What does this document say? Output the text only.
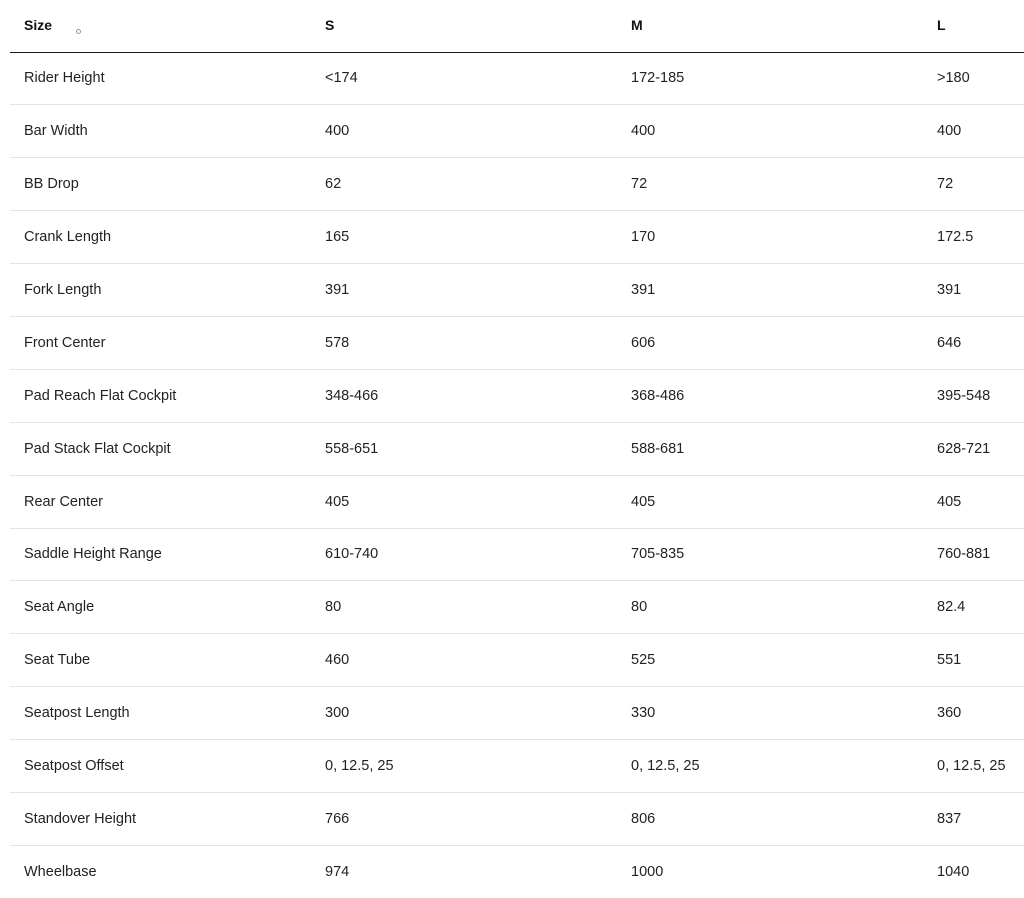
Size	S	M	L
Rider Height	<174	172-185	>180
Bar Width	400	400	400
BB Drop	62	72	72
Crank Length	165	170	172.5
Fork Length	391	391	391
Front Center	578	606	646
Pad Reach Flat Cockpit	348-466	368-486	395-548
Pad Stack Flat Cockpit	558-651	588-681	628-721
Rear Center	405	405	405
Saddle Height Range	610-740	705-835	760-881
Seat Angle	80	80	82.4
Seat Tube	460	525	551
Seatpost Length	300	330	360
Seatpost Offset	0, 12.5, 25	0, 12.5, 25	0, 12.5, 25
Standover Height	766	806	837
Wheelbase	974	1000	1040
